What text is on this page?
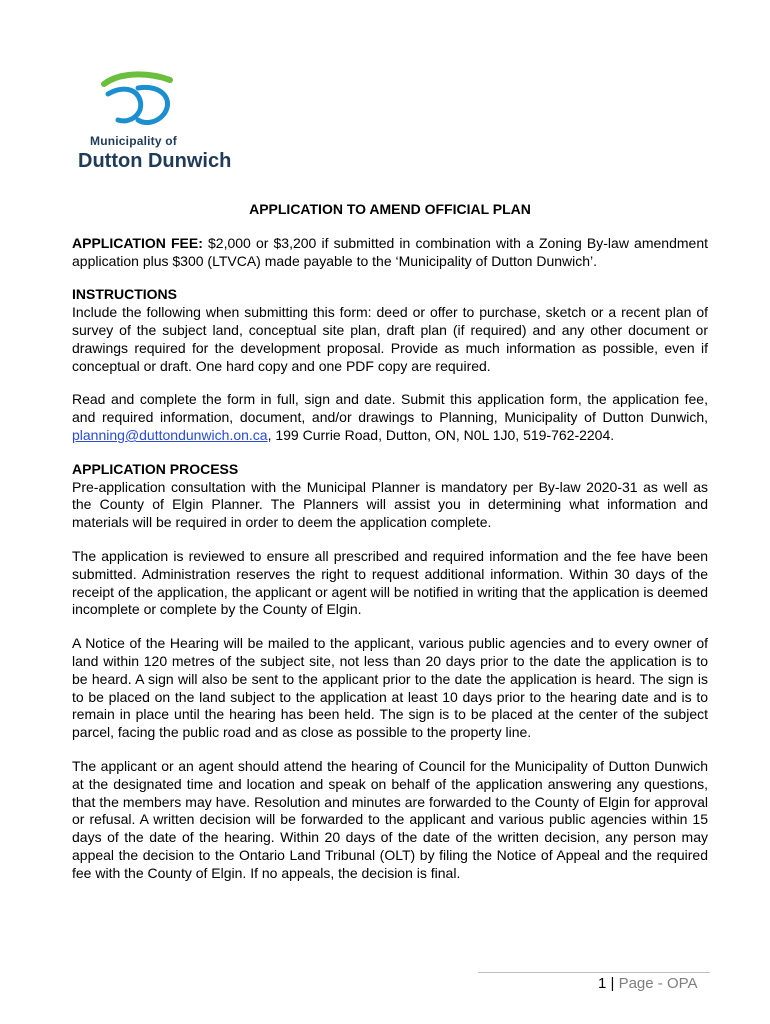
Municipality of
Dutton Dunwich

APPLICATION TO AMEND OFFICIAL PLAN

APPLICATION FEE: $2,000 or $3,200 if submitted in combination with a Zoning By-law amendment application plus $300 (LTVCA) made payable to the ‘Municipality of Dutton Dunwich’.

INSTRUCTIONS

Include the following when submitting this form: deed or offer to purchase, sketch or a recent plan of survey of the subject land, conceptual site plan, draft plan (if required) and any other document or drawings required for the development proposal. Provide as much information as possible, even if conceptual or draft. One hard copy and one PDF copy are required.

Read and complete the form in full, sign and date. Submit this application form, the application fee, and required information, document, and/or drawings to Planning, Municipality of Dutton Dunwich, planning@duttondunwich.on.ca, 199 Currie Road, Dutton, ON, N0L 1J0, 519-762-2204.

APPLICATION PROCESS

Pre-application consultation with the Municipal Planner is mandatory per By-law 2020-31 as well as the County of Elgin Planner. The Planners will assist you in determining what information and materials will be required in order to deem the application complete.

The application is reviewed to ensure all prescribed and required information and the fee have been submitted. Administration reserves the right to request additional information. Within 30 days of the receipt of the application, the applicant or agent will be notified in writing that the application is deemed incomplete or complete by the County of Elgin.

A Notice of the Hearing will be mailed to the applicant, various public agencies and to every owner of land within 120 metres of the subject site, not less than 20 days prior to the date the application is to be heard. A sign will also be sent to the applicant prior to the date the application is heard. The sign is to be placed on the land subject to the application at least 10 days prior to the hearing date and is to remain in place until the hearing has been held. The sign is to be placed at the center of the subject parcel, facing the public road and as close as possible to the property line.

The applicant or an agent should attend the hearing of Council for the Municipality of Dutton Dunwich at the designated time and location and speak on behalf of the application answering any questions, that the members may have. Resolution and minutes are forwarded to the County of Elgin for approval or refusal. A written decision will be forwarded to the applicant and various public agencies within 15 days of the date of the hearing. Within 20 days of the date of the written decision, any person may appeal the decision to the Ontario Land Tribunal (OLT) by filing the Notice of Appeal and the required fee with the County of Elgin. If no appeals, the decision is final.

1 | Page - OPA
